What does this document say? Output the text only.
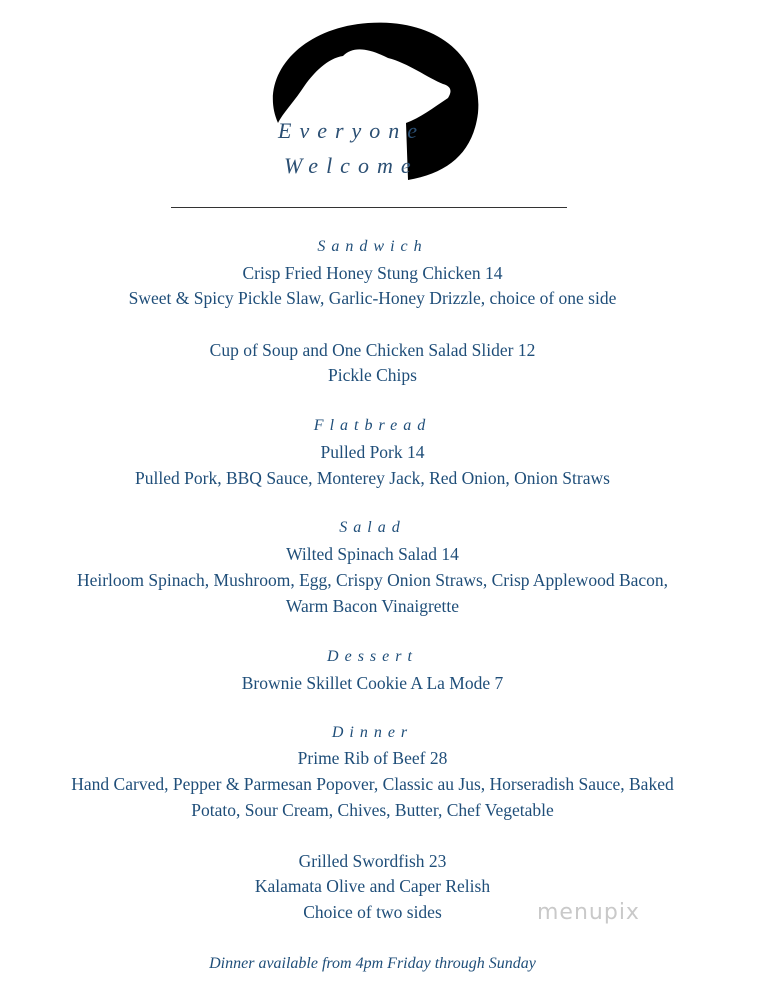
Everyone
Welcome
Sandwich
Crisp Fried Honey Stung Chicken 14
Sweet & Spicy Pickle Slaw, Garlic-Honey Drizzle, choice of one side
Cup of Soup and One Chicken Salad Slider 12
Pickle Chips
Flatbread
Pulled Pork 14
Pulled Pork, BBQ Sauce, Monterey Jack, Red Onion, Onion Straws
Salad
Wilted Spinach Salad 14
Heirloom Spinach, Mushroom, Egg, Crispy Onion Straws, Crisp Applewood Bacon,
Warm Bacon Vinaigrette
Dessert
Brownie Skillet Cookie A La Mode 7
Dinner
Prime Rib of Beef 28
Hand Carved, Pepper & Parmesan Popover, Classic au Jus, Horseradish Sauce, Baked
Potato, Sour Cream, Chives, Butter, Chef Vegetable
Grilled Swordfish 23
Kalamata Olive and Caper Relish
Choice of two sides
Dinner available from 4pm Friday through Sunday
menupix
